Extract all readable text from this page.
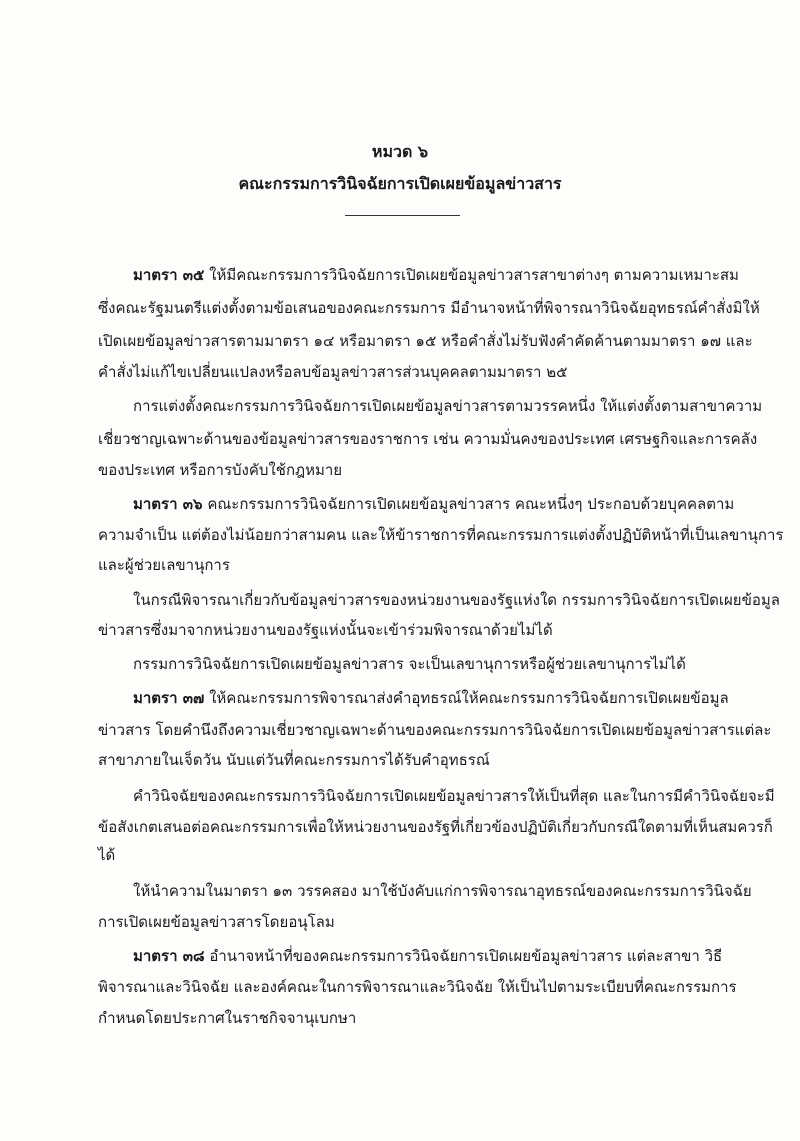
หมวด ๖
คณะกรรมการวินิจฉัยการเปิดเผยข้อมูลข่าวสาร
มาตรา ๓๕ ให้มีคณะกรรมการวินิจฉัยการเปิดเผยข้อมูลข่าวสารสาขาต่างๆ ตามความเหมาะสม
ซึ่งคณะรัฐมนตรีแต่งตั้งตามข้อเสนอของคณะกรรมการ มีอำนาจหน้าที่พิจารณาวินิจฉัยอุทธรณ์คำสั่งมิให้
เปิดเผยข้อมูลข่าวสารตามมาตรา ๑๔ หรือมาตรา ๑๕ หรือคำสั่งไม่รับฟังคำคัดค้านตามมาตรา ๑๗ และ
คำสั่งไม่แก้ไขเปลี่ยนแปลงหรือลบข้อมูลข่าวสารส่วนบุคคลตามมาตรา ๒๕
การแต่งตั้งคณะกรรมการวินิจฉัยการเปิดเผยข้อมูลข่าวสารตามวรรคหนึ่ง ให้แต่งตั้งตามสาขาความ
เชี่ยวชาญเฉพาะด้านของข้อมูลข่าวสารของราชการ เช่น ความมั่นคงของประเทศ เศรษฐกิจและการคลัง
ของประเทศ หรือการบังคับใช้กฎหมาย
มาตรา ๓๖ คณะกรรมการวินิจฉัยการเปิดเผยข้อมูลข่าวสาร คณะหนึ่งๆ ประกอบด้วยบุคคลตาม
ความจำเป็น แต่ต้องไม่น้อยกว่าสามคน และให้ข้าราชการที่คณะกรรมการแต่งตั้งปฏิบัติหน้าที่เป็นเลขานุการ
และผู้ช่วยเลขานุการ
ในกรณีพิจารณาเกี่ยวกับข้อมูลข่าวสารของหน่วยงานของรัฐแห่งใด กรรมการวินิจฉัยการเปิดเผยข้อมูล
ข่าวสารซึ่งมาจากหน่วยงานของรัฐแห่งนั้นจะเข้าร่วมพิจารณาด้วยไม่ได้
กรรมการวินิจฉัยการเปิดเผยข้อมูลข่าวสาร จะเป็นเลขานุการหรือผู้ช่วยเลขานุการไม่ได้
มาตรา ๓๗ ให้คณะกรรมการพิจารณาส่งคำอุทธรณ์ให้คณะกรรมการวินิจฉัยการเปิดเผยข้อมูล
ข่าวสาร โดยคำนึงถึงความเชี่ยวชาญเฉพาะด้านของคณะกรรมการวินิจฉัยการเปิดเผยข้อมูลข่าวสารแต่ละ
สาขาภายในเจ็ดวัน นับแต่วันที่คณะกรรมการได้รับคำอุทธรณ์
คำวินิจฉัยของคณะกรรมการวินิจฉัยการเปิดเผยข้อมูลข่าวสารให้เป็นที่สุด และในการมีคำวินิจฉัยจะมี
ข้อสังเกตเสนอต่อคณะกรรมการเพื่อให้หน่วยงานของรัฐที่เกี่ยวข้องปฏิบัติเกี่ยวกับกรณีใดตามที่เห็นสมควรก็
ได้
ให้นำความในมาตรา ๑๓ วรรคสอง มาใช้บังคับแก่การพิจารณาอุทธรณ์ของคณะกรรมการวินิจฉัย
การเปิดเผยข้อมูลข่าวสารโดยอนุโลม
มาตรา ๓๘ อำนาจหน้าที่ของคณะกรรมการวินิจฉัยการเปิดเผยข้อมูลข่าวสาร แต่ละสาขา วิธี
พิจารณาและวินิจฉัย และองค์คณะในการพิจารณาและวินิจฉัย ให้เป็นไปตามระเบียบที่คณะกรรมการ
กำหนดโดยประกาศในราชกิจจานุเบกษา
